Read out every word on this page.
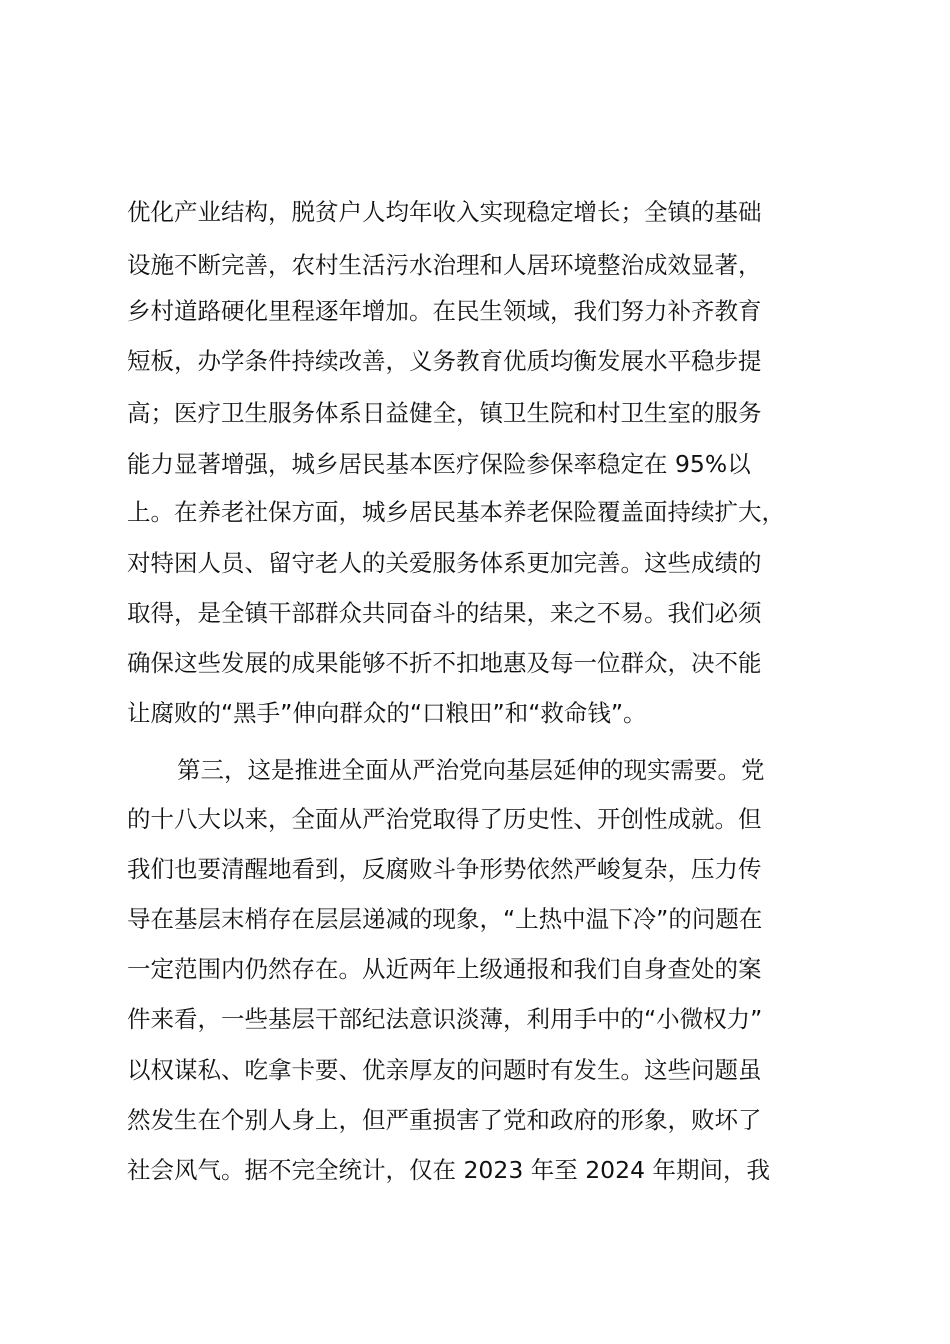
优化产业结构，脱贫户人均年收入实现稳定增长；全镇的基础
设施不断完善，农村生活污水治理和人居环境整治成效显著，
乡村道路硬化里程逐年增加。在民生领域，我们努力补齐教育
短板，办学条件持续改善，义务教育优质均衡发展水平稳步提
高；医疗卫生服务体系日益健全，镇卫生院和村卫生室的服务
能力显著增强，城乡居民基本医疗保险参保率稳定在 95%以
上。在养老社保方面，城乡居民基本养老保险覆盖面持续扩大，
对特困人员、留守老人的关爱服务体系更加完善。这些成绩的
取得，是全镇干部群众共同奋斗的结果，来之不易。我们必须
确保这些发展的成果能够不折不扣地惠及每一位群众，决不能
让腐败的“黑手”伸向群众的“口粮田”和“救命钱”。
第三，这是推进全面从严治党向基层延伸的现实需要。党
的十八大以来，全面从严治党取得了历史性、开创性成就。但
我们也要清醒地看到，反腐败斗争形势依然严峻复杂，压力传
导在基层末梢存在层层递减的现象，“上热中温下冷”的问题在
一定范围内仍然存在。从近两年上级通报和我们自身查处的案
件来看，一些基层干部纪法意识淡薄，利用手中的“小微权力”
以权谋私、吃拿卡要、优亲厚友的问题时有发生。这些问题虽
然发生在个别人身上，但严重损害了党和政府的形象，败坏了
社会风气。据不完全统计，仅在 2023 年至 2024 年期间，我
